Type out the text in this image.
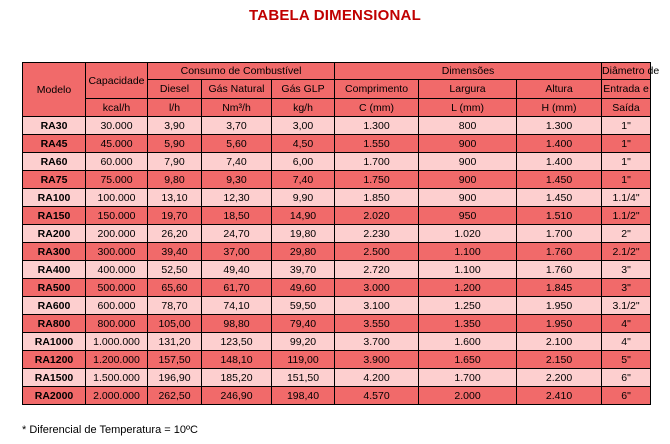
TABELA DIMENSIONAL
Modelo	Capacidade	Consumo de Combustível			Dimensões			Diâmetro de
		Diesel	Gás Natural	Gás GLP	Comprimento	Largura	Altura	Entrada e
	kcal/h	l/h	Nm³/h	kg/h	C (mm)	L (mm)	H (mm)	Saída
RA30	30.000	3,90	3,70	3,00	1.300	800	1.300	1"
RA45	45.000	5,90	5,60	4,50	1.550	900	1.400	1"
RA60	60.000	7,90	7,40	6,00	1.700	900	1.400	1"
RA75	75.000	9,80	9,30	7,40	1.750	900	1.450	1"
RA100	100.000	13,10	12,30	9,90	1.850	900	1.450	1.1/4"
RA150	150.000	19,70	18,50	14,90	2.020	950	1.510	1.1/2"
RA200	200.000	26,20	24,70	19,80	2.230	1.020	1.700	2"
RA300	300.000	39,40	37,00	29,80	2.500	1.100	1.760	2.1/2"
RA400	400.000	52,50	49,40	39,70	2.720	1.100	1.760	3"
RA500	500.000	65,60	61,70	49,60	3.000	1.200	1.845	3"
RA600	600.000	78,70	74,10	59,50	3.100	1.250	1.950	3.1/2"
RA800	800.000	105,00	98,80	79,40	3.550	1.350	1.950	4"
RA1000	1.000.000	131,20	123,50	99,20	3.700	1.600	2.100	4"
RA1200	1.200.000	157,50	148,10	119,00	3.900	1.650	2.150	5"
RA1500	1.500.000	196,90	185,20	151,50	4.200	1.700	2.200	6"
RA2000	2.000.000	262,50	246,90	198,40	4.570	2.000	2.410	6"
* Diferencial de Temperatura = 10ºC
